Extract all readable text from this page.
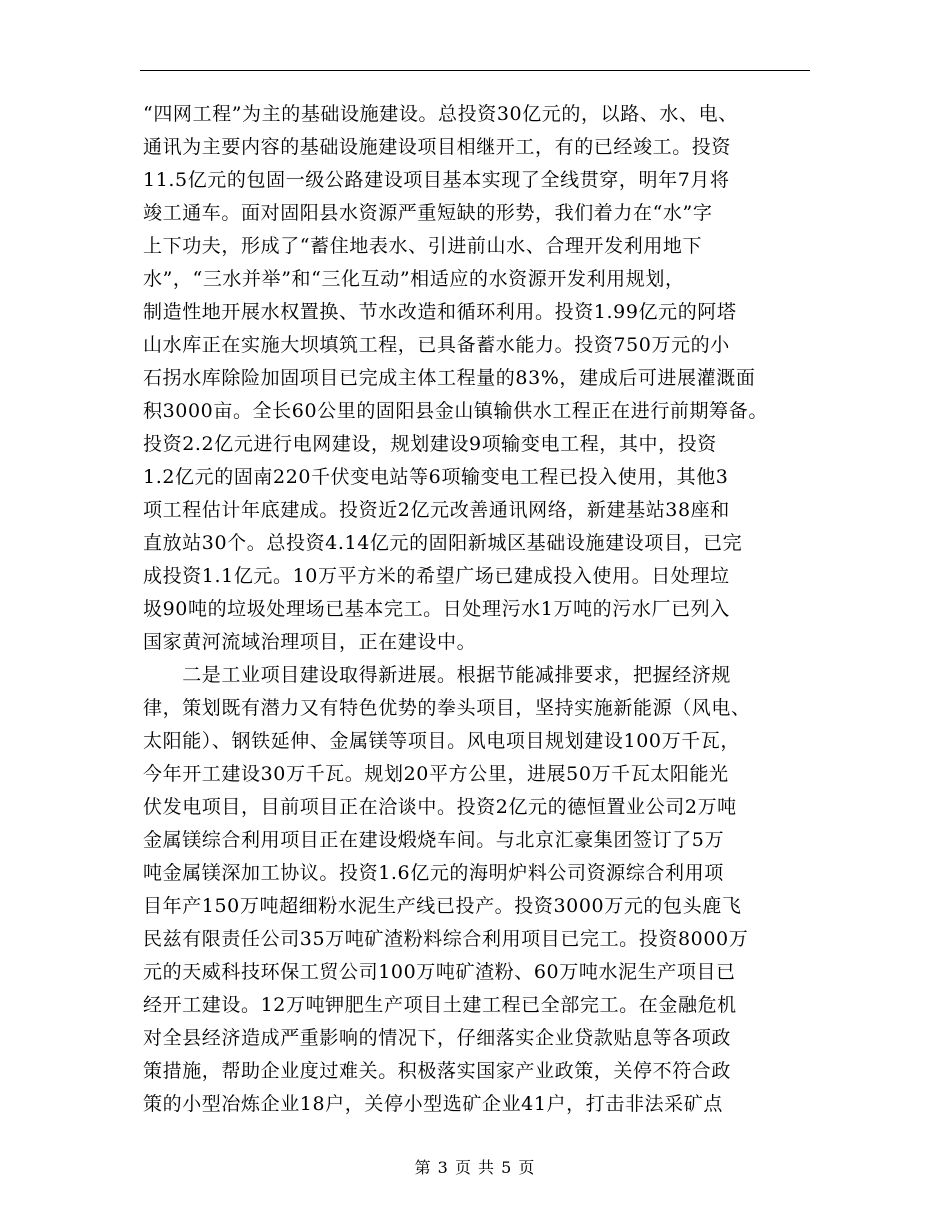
“四网工程”为主的基础设施建设。总投资30亿元的，以路、水、电、
通讯为主要内容的基础设施建设项目相继开工，有的已经竣工。投资
11.5亿元的包固一级公路建设项目基本实现了全线贯穿，明年7月将
竣工通车。面对固阳县水资源严重短缺的形势，我们着力在“水”字
上下功夫，形成了“蓄住地表水、引进前山水、合理开发利用地下
水”，“三水并举”和“三化互动”相适应的水资源开发利用规划，
制造性地开展水权置换、节水改造和循环利用。投资1.99亿元的阿塔
山水库正在实施大坝填筑工程，已具备蓄水能力。投资750万元的小
石拐水库除险加固项目已完成主体工程量的83%，建成后可进展灌溉面
积3000亩。全长60公里的固阳县金山镇输供水工程正在进行前期筹备。
投资2.2亿元进行电网建设，规划建设9项输变电工程，其中，投资
1.2亿元的固南220千伏变电站等6项输变电工程已投入使用，其他3
项工程估计年底建成。投资近2亿元改善通讯网络，新建基站38座和
直放站30个。总投资4.14亿元的固阳新城区基础设施建设项目，已完
成投资1.1亿元。10万平方米的希望广场已建成投入使用。日处理垃
圾90吨的垃圾处理场已基本完工。日处理污水1万吨的污水厂已列入
国家黄河流域治理项目，正在建设中。
　　二是工业项目建设取得新进展。根据节能减排要求，把握经济规
律，策划既有潜力又有特色优势的拳头项目，坚持实施新能源（风电、
太阳能）、钢铁延伸、金属镁等项目。风电项目规划建设100万千瓦，
今年开工建设30万千瓦。规划20平方公里，进展50万千瓦太阳能光
伏发电项目，目前项目正在洽谈中。投资2亿元的德恒置业公司2万吨
金属镁综合利用项目正在建设煅烧车间。与北京汇豪集团签订了5万
吨金属镁深加工协议。投资1.6亿元的海明炉料公司资源综合利用项
目年产150万吨超细粉水泥生产线已投产。投资3000万元的包头鹿飞
民兹有限责任公司35万吨矿渣粉料综合利用项目已完工。投资8000万
元的天威科技环保工贸公司100万吨矿渣粉、60万吨水泥生产项目已
经开工建设。12万吨钾肥生产项目土建工程已全部完工。在金融危机
对全县经济造成严重影响的情况下，仔细落实企业贷款贴息等各项政
策措施，帮助企业度过难关。积极落实国家产业政策，关停不符合政
策的小型冶炼企业18户，关停小型选矿企业41户，打击非法采矿点
第 3 页 共 5 页
